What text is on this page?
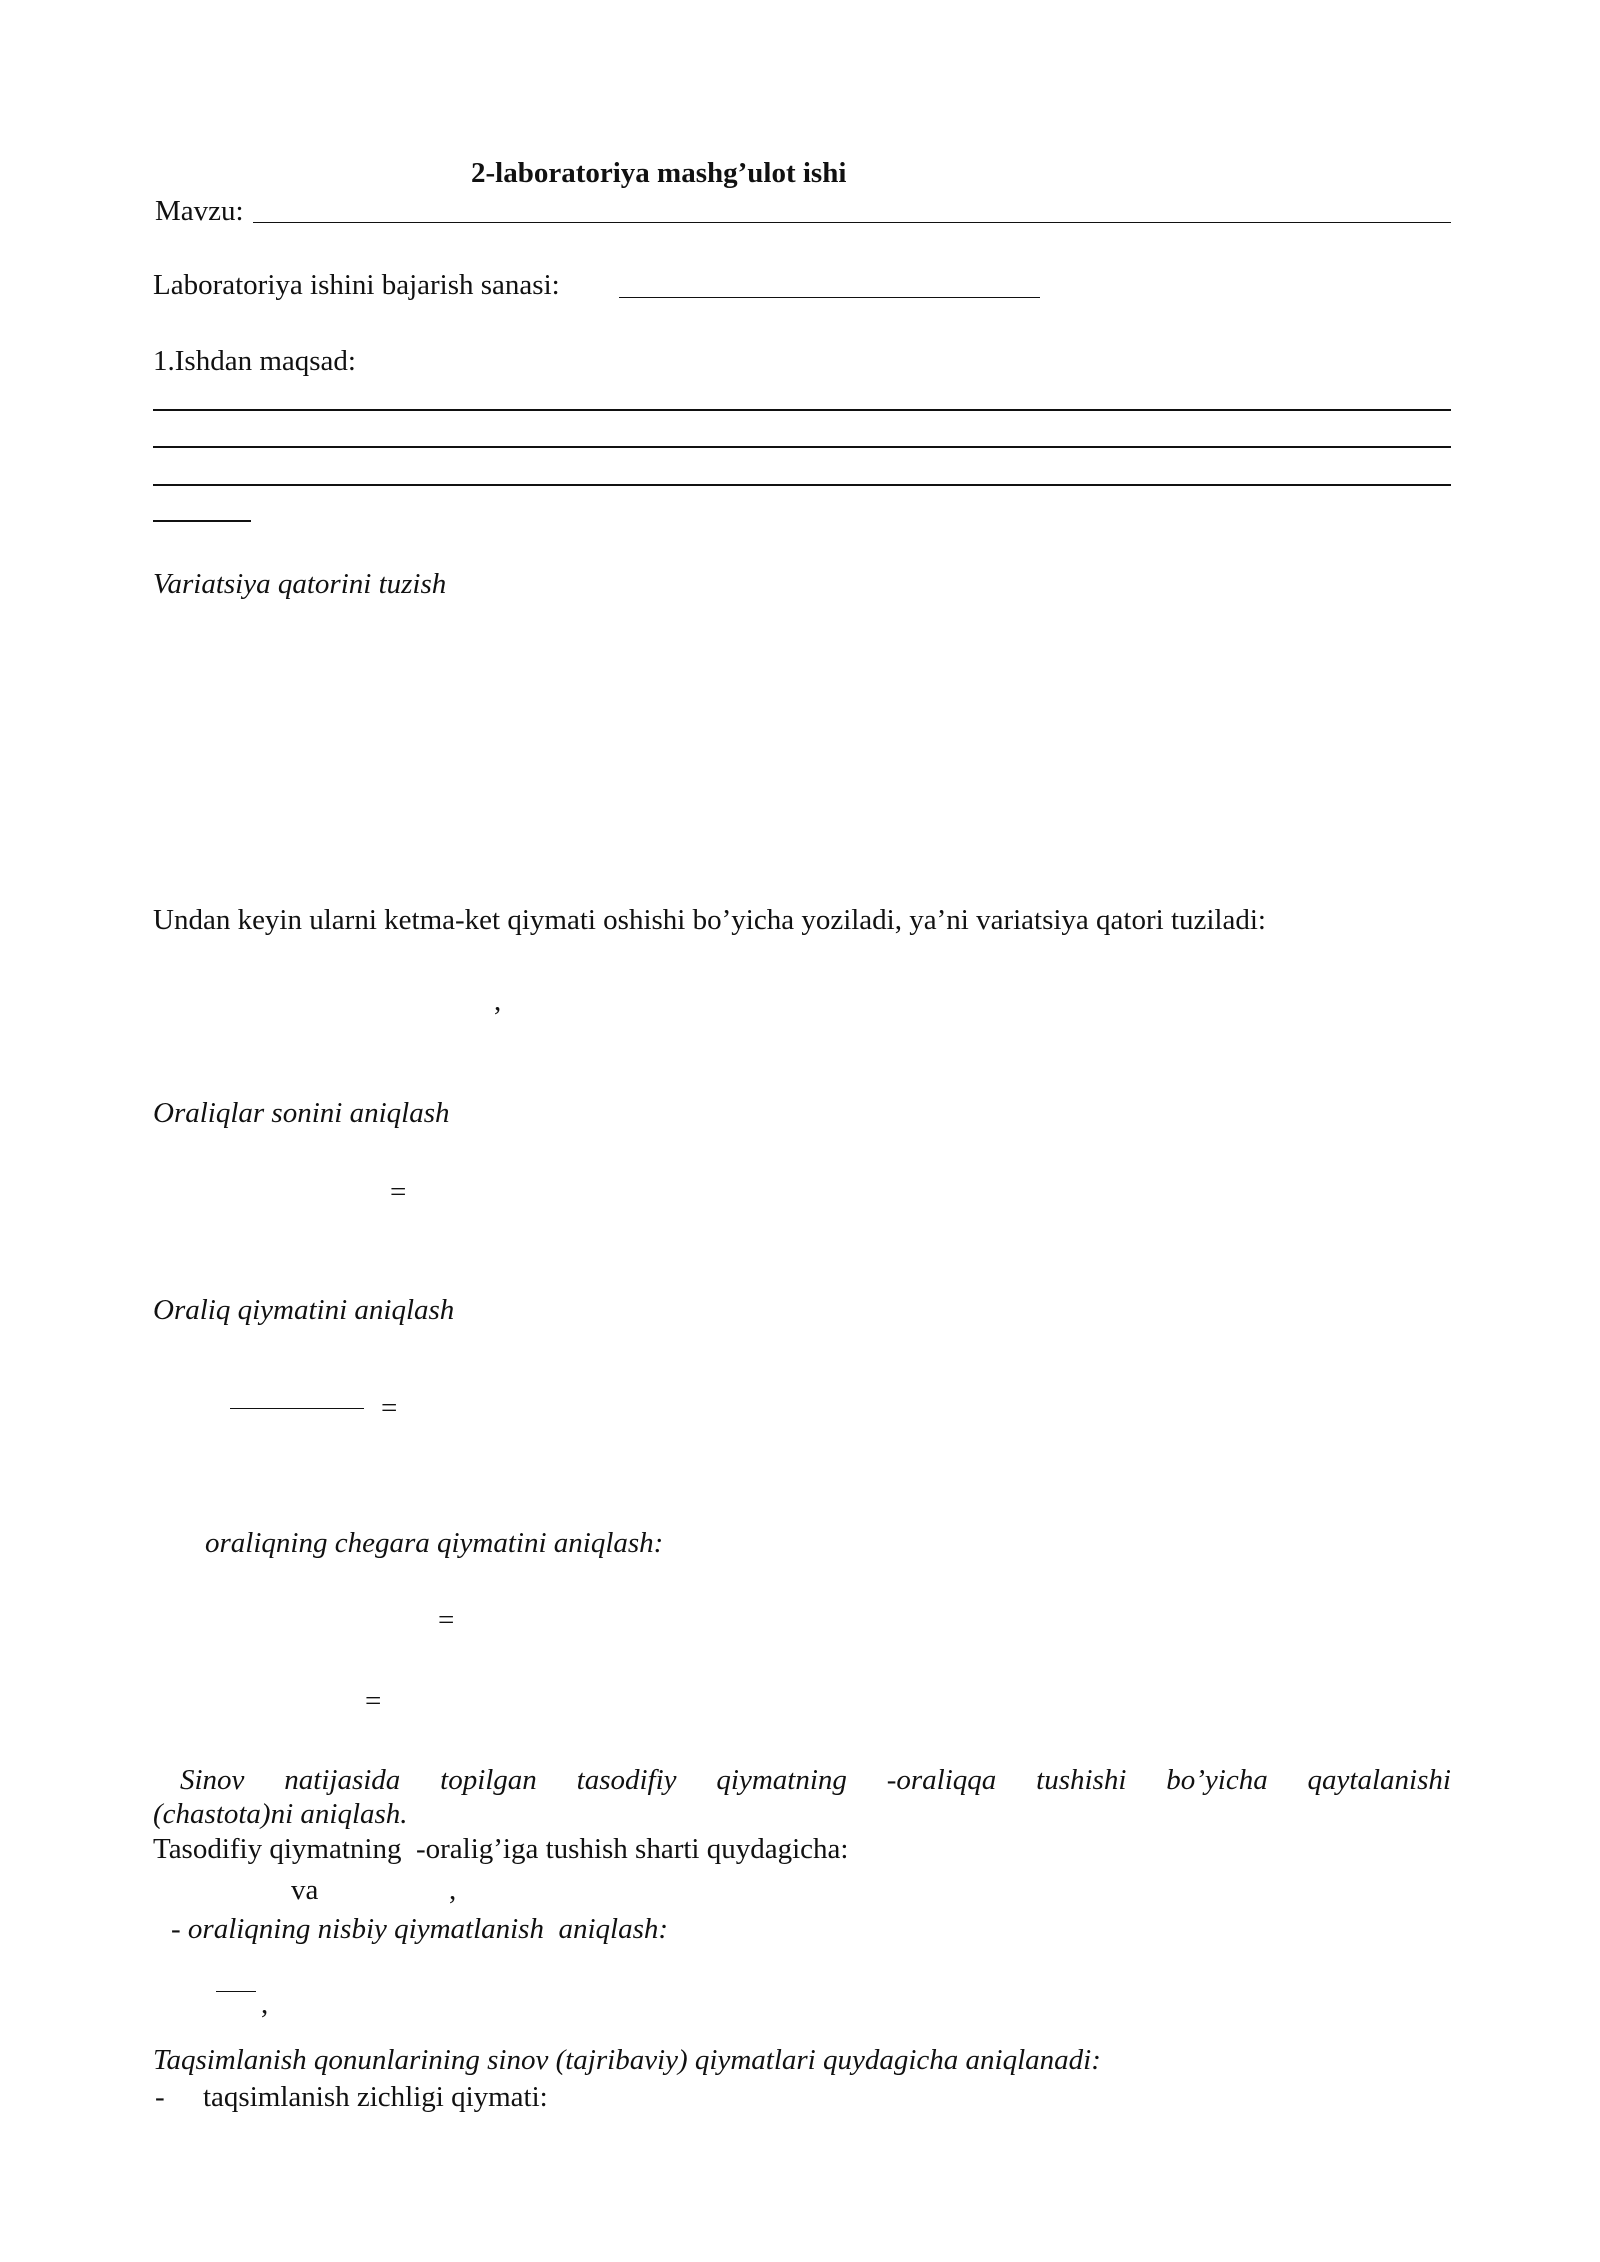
2-laboratoriya mashg’ulot ishi
Mavzu:
Laboratoriya ishini bajarish sanasi:
1.Ishdan maqsad:
Variatsiya qatorini tuzish
Undan keyin ularni ketma-ket qiymati oshishi bo’yicha yoziladi, ya’ni variatsiya qatori tuziladi:
,
Oraliqlar sonini aniqlash
=
Oraliq qiymatini aniqlash
=
oraliqning chegara qiymatini aniqlash:
=
=
Sinov natijasida topilgan tasodifiy qiymatning -oraliqqa tushishi bo’yicha qaytalanishi
(chastota)ni aniqlash.
Tasodifiy qiymatning  -oralig’iga tushish sharti quydagicha:
va	,
- oraliqning nisbiy qiymatlanish  aniqlash:
,
Taqsimlanish qonunlarining sinov (tajribaviy) qiymatlari quydagicha aniqlanadi:
- taqsimlanish zichligi qiymati:
